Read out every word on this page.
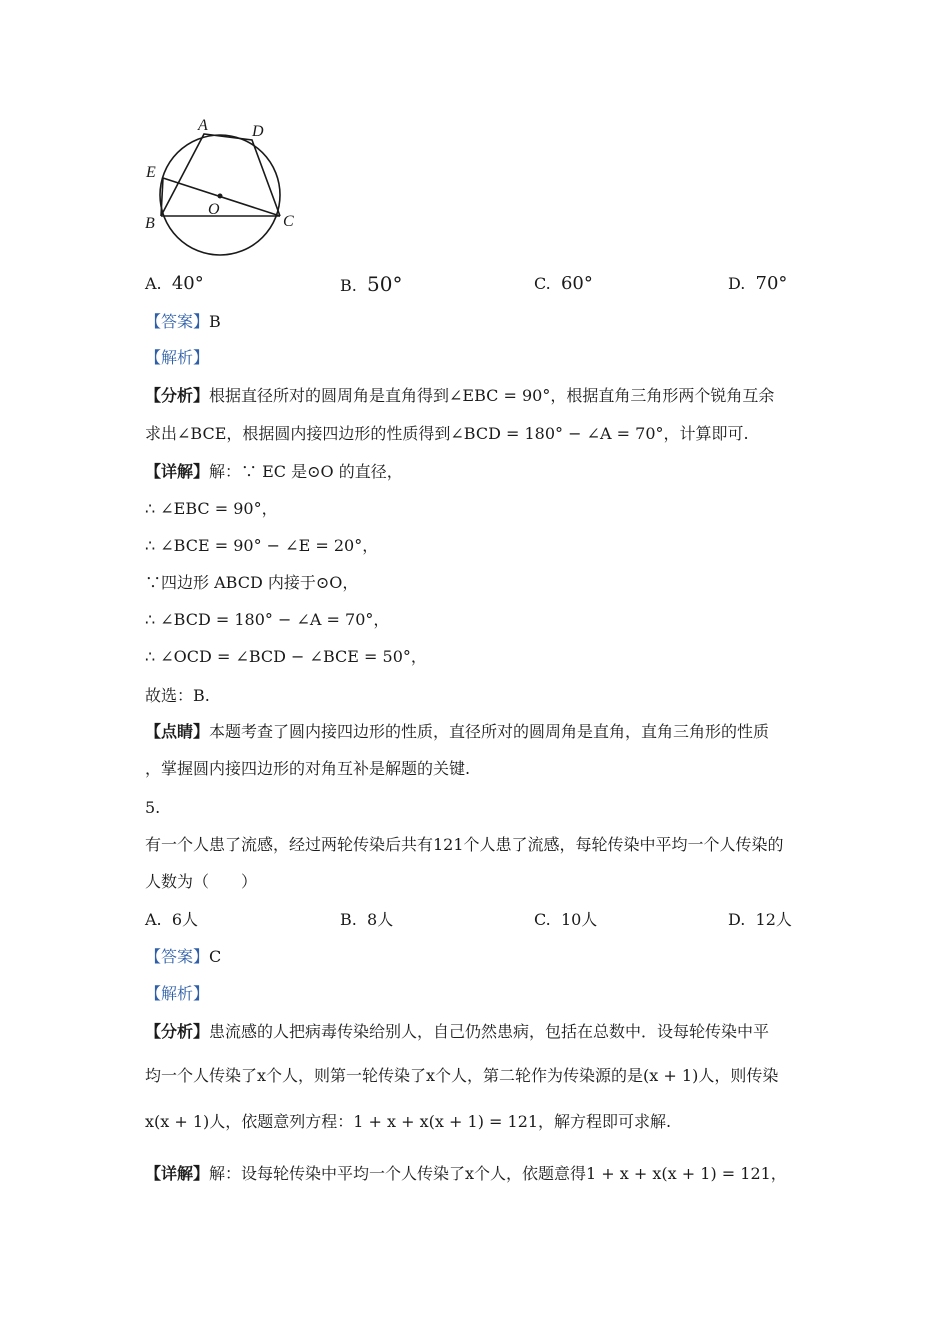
A	D
E
O
B	C
A. 40°	B. 50°	C. 60°	D. 70°
【答案】B
【解析】
【分析】根据直径所对的圆周角是直角得到∠EBC = 90°，根据直角三角形两个锐角互余
求出∠BCE，根据圆内接四边形的性质得到∠BCD = 180° − ∠A = 70°，计算即可.
【详解】解：∵ EC 是⊙O 的直径，
∴ ∠EBC = 90°，
∴ ∠BCE = 90° − ∠E = 20°，
∵四边形 ABCD 内接于⊙O，
∴ ∠BCD = 180° − ∠A = 70°，
∴ ∠OCD = ∠BCD − ∠BCE = 50°，
故选：B.
【点睛】本题考查了圆内接四边形的性质，直径所对的圆周角是直角，直角三角形的性质
，掌握圆内接四边形的对角互补是解题的关键.
5.
有一个人患了流感，经过两轮传染后共有121个人患了流感，每轮传染中平均一个人传染的
人数为（　　）
A. 6人	B. 8人	C. 10人	D. 12人
【答案】C
【解析】
【分析】患流感的人把病毒传染给别人，自己仍然患病，包括在总数中．设每轮传染中平
均一个人传染了x个人，则第一轮传染了x个人，第二轮作为传染源的是(x + 1)人，则传染
x(x + 1)人，依题意列方程：1 + x + x(x + 1) = 121，解方程即可求解.
【详解】解：设每轮传染中平均一个人传染了x个人，依题意得1 + x + x(x + 1) = 121，
